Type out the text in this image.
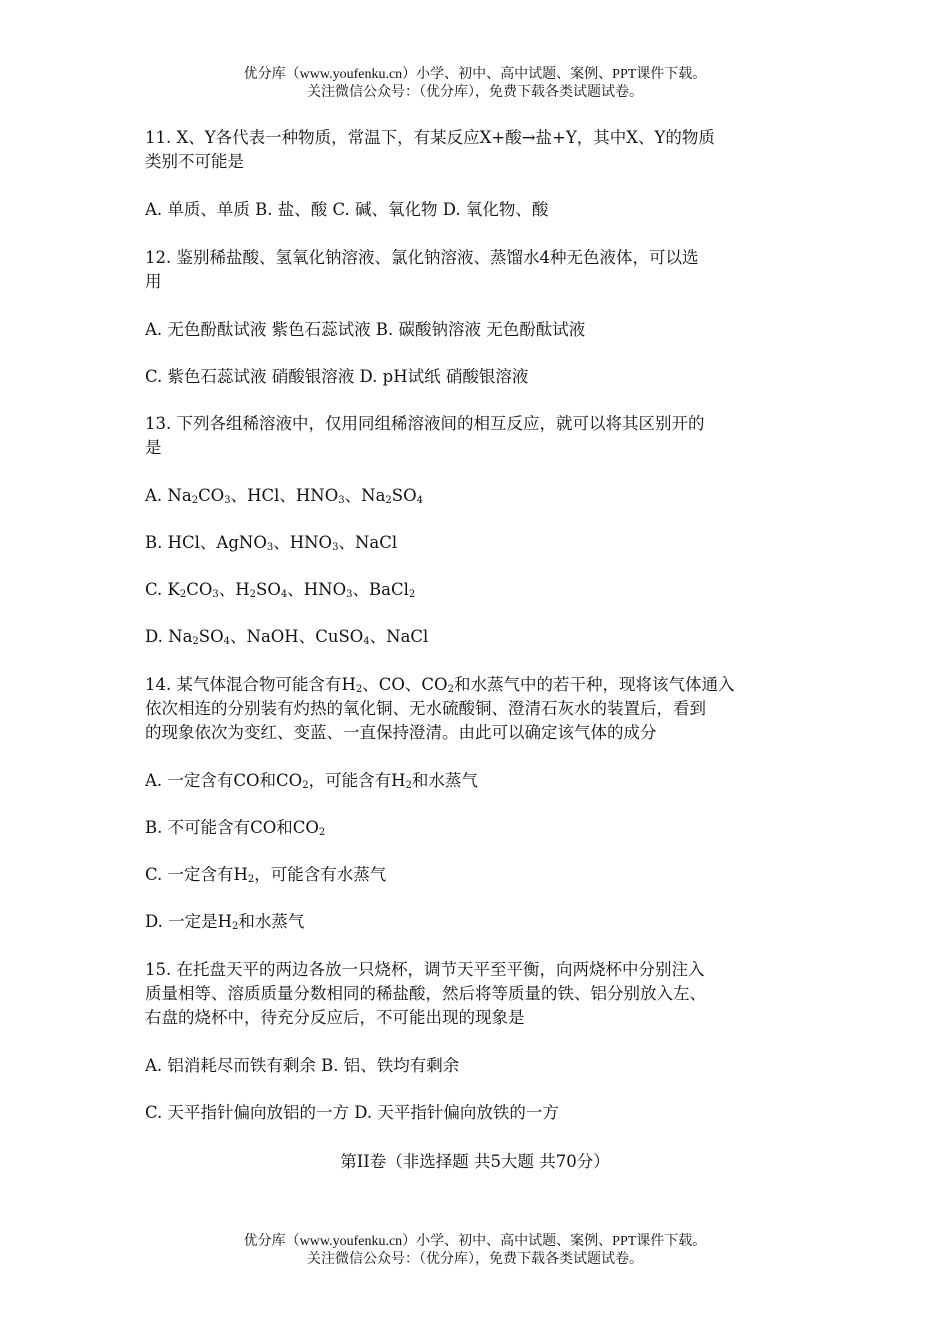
优分库（www.youfenku.cn）小学、初中、高中试题、案例、PPT课件下载。
关注微信公众号：（优分库），免费下载各类试题试卷。
11. X、Y各代表一种物质，常温下，有某反应X+酸→盐+Y，其中X、Y的物质
类别不可能是
A. 单质、单质 B. 盐、酸 C. 碱、氧化物 D. 氧化物、酸
12. 鉴别稀盐酸、氢氧化钠溶液、氯化钠溶液、蒸馏水4种无色液体，可以选
用
A. 无色酚酞试液 紫色石蕊试液 B. 碳酸钠溶液 无色酚酞试液
C. 紫色石蕊试液 硝酸银溶液 D. pH试纸 硝酸银溶液
13. 下列各组稀溶液中，仅用同组稀溶液间的相互反应，就可以将其区别开的
是
A. $Na_2CO_3$、HCl、$HNO_3$、$Na_2SO_4$
B. HCl、AgNO$_3$、$HNO_3$、NaCl
C. $K_2CO_3$、$H_2SO_4$、$HNO_3$、BaCl$_2$
D. $Na_2SO_4$、NaOH、CuSO$_4$、NaCl
14. 某气体混合物可能含有$H_2$、CO、$CO_2$和水蒸气中的若干种，现将该气体通入
依次相连的分别装有灼热的氧化铜、无水硫酸铜、澄清石灰水的装置后，看到
的现象依次为变红、变蓝、一直保持澄清。由此可以确定该气体的成分
A. 一定含有CO和$CO_2$，可能含有$H_2$和水蒸气
B. 不可能含有CO和$CO_2$
C. 一定含有$H_2$，可能含有水蒸气
D. 一定是$H_2$和水蒸气
15. 在托盘天平的两边各放一只烧杯，调节天平至平衡，向两烧杯中分别注入
质量相等、溶质质量分数相同的稀盐酸，然后将等质量的铁、铝分别放入左、
右盘的烧杯中，待充分反应后，不可能出现的现象是
A. 铝消耗尽而铁有剩余 B. 铝、铁均有剩余
C. 天平指针偏向放铝的一方 D. 天平指针偏向放铁的一方
第II卷（非选择题 共5大题 共70分）
优分库（www.youfenku.cn）小学、初中、高中试题、案例、PPT课件下载。
关注微信公众号：（优分库），免费下载各类试题试卷。
